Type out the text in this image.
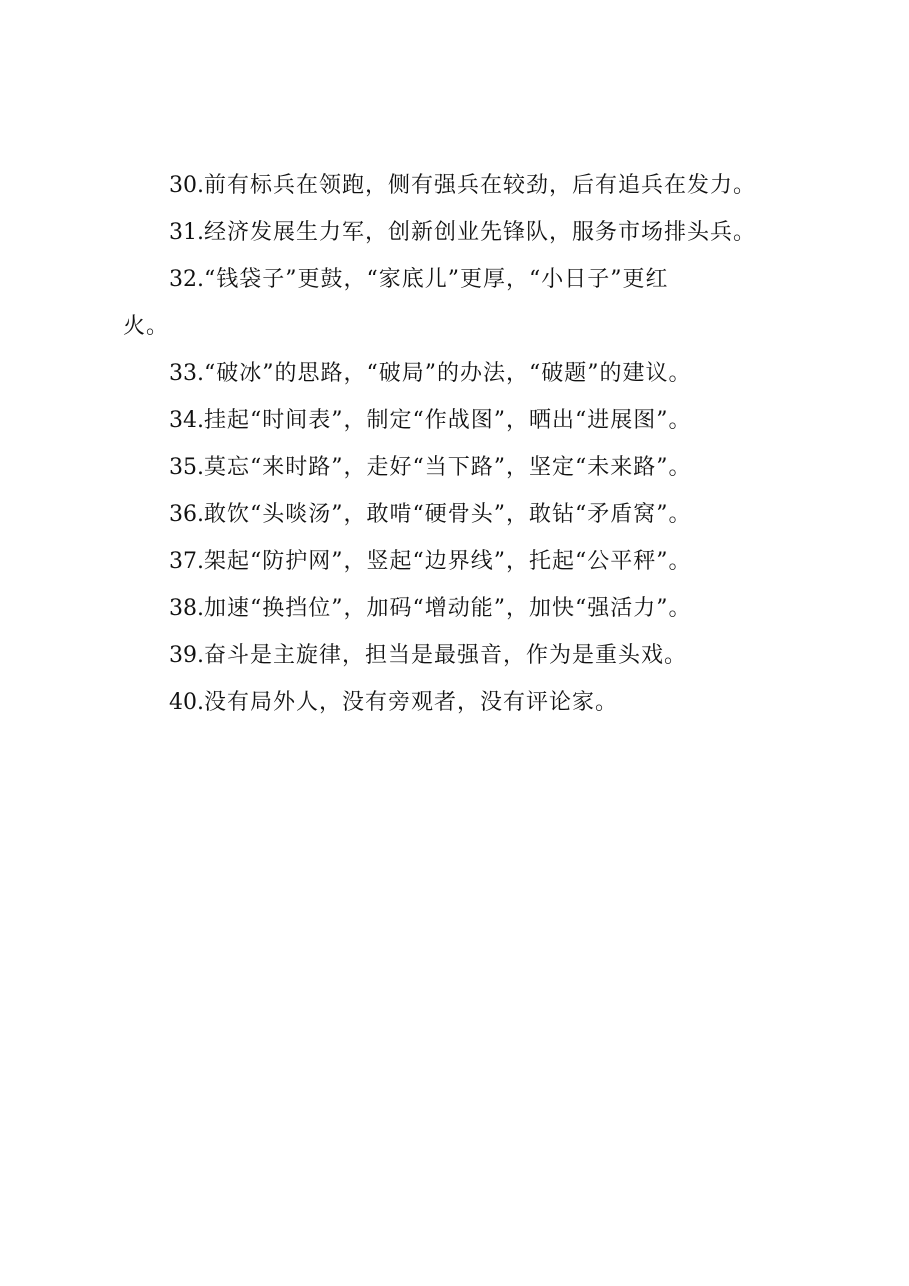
30.前有标兵在领跑，侧有强兵在较劲，后有追兵在发力。

31.经济发展生力军，创新创业先锋队，服务市场排头兵。

32.“钱袋子”更鼓，“家底儿”更厚，“小日子”更红
火。

33.“破冰”的思路，“破局”的办法，“破题”的建议。

34.挂起“时间表”，制定“作战图”，晒出“进展图”。

35.莫忘“来时路”，走好“当下路”，坚定“未来路”。

36.敢饮“头啖汤”，敢啃“硬骨头”，敢钻“矛盾窝”。

37.架起“防护网”，竖起“边界线”，托起“公平秤”。

38.加速“换挡位”，加码“增动能”，加快“强活力”。

39.奋斗是主旋律，担当是最强音，作为是重头戏。

40.没有局外人，没有旁观者，没有评论家。
